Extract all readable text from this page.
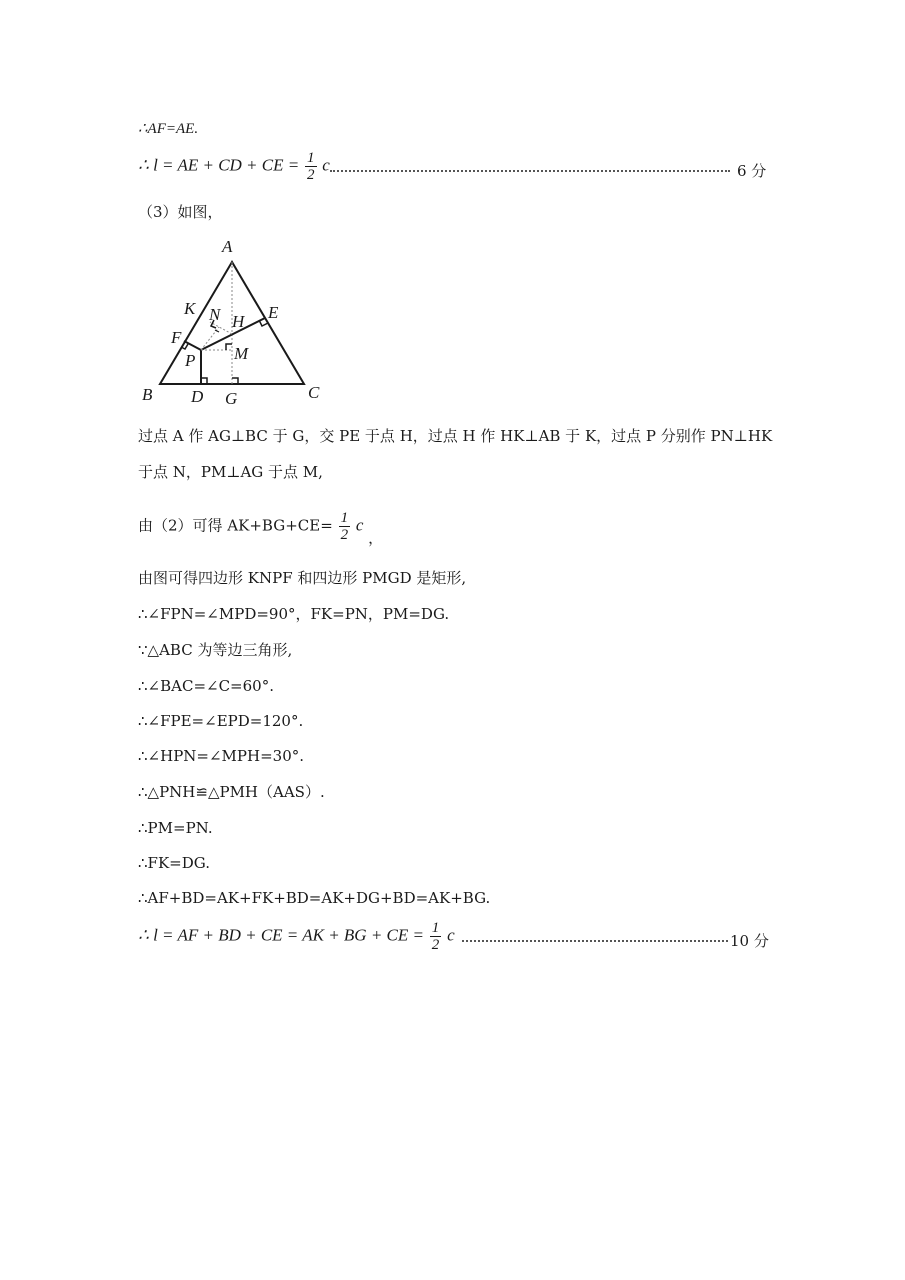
∴AF=AE.
∴ l = AE + CD + CE = $\frac{1}{2}$ c	6 分
（3）如图，
A
B	C
D
E
F
G
H
K
M
N
P
过点 A 作 AG⊥BC 于 G，交 PE 于点 H，过点 H 作 HK⊥AB 于 K，过点 P 分别作 PN⊥HK
于点 N，PM⊥AG 于点 M,
由（2）可得 $AK+BG+CE= \frac{1}{2}$ c ，
由图可得四边形 KNPF 和四边形 PMGD 是矩形,
∴∠FPN=∠MPD=90°，FK=PN，PM=DG.
∵△ABC 为等边三角形,
∴∠BAC=∠C=60°.
∴∠FPE=∠EPD=120°.
∴∠HPN=∠MPH=30°.
∴△PNH≌△PMH（AAS）.
∴PM=PN.
∴FK=DG.
∴AF+BD=AK+FK+BD=AK+DG+BD=AK+BG.
∴ l = AF + BD + CE = AK + BG + CE = $\frac{1}{2}$ c	10 分
